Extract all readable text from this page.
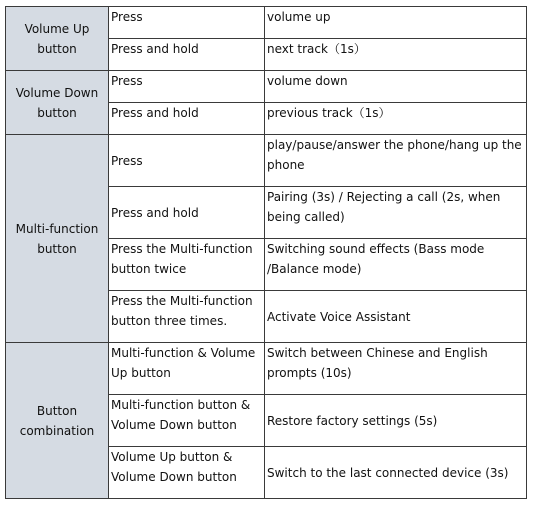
Volume Up button	Press	volume up
	Press and hold	next track（1s）
Volume Down button	Press	volume down
	Press and hold	previous track（1s）
Multi-function button	Press	play/pause/answer the phone/hang up the phone
	Press and hold	Pairing (3s) / Rejecting a call (2s, when being called)
	Press the Multi-function button twice	Switching sound effects (Bass mode /Balance mode)
	Press the Multi-function button three times.	Activate Voice Assistant
Button combination	Multi-function & Volume Up button	Switch between Chinese and English prompts (10s)
	Multi-function button & Volume Down button	Restore factory settings (5s)
	Volume Up button & Volume Down button	Switch to the last connected device (3s)
